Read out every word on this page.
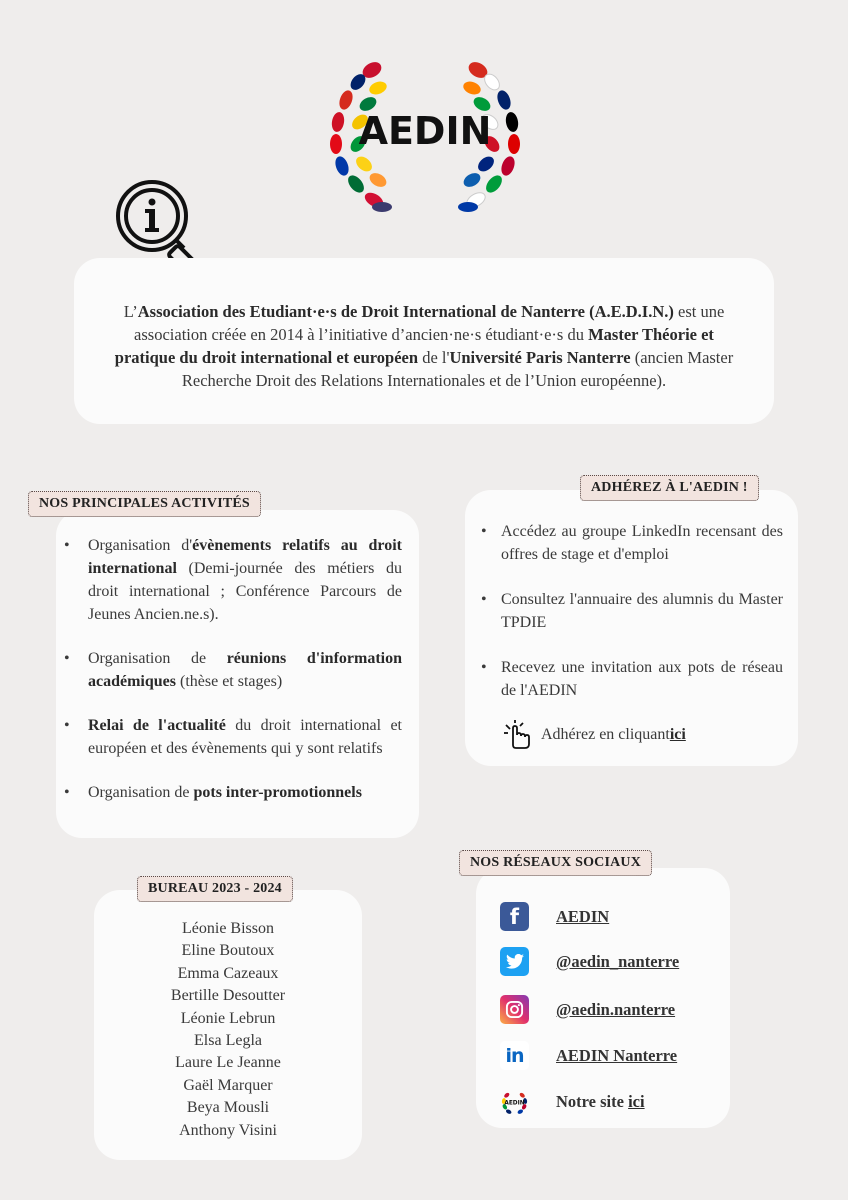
AEDIN

L’Association des Etudiant·e·s de Droit International de Nanterre (A.E.D.I.N.) est une association créée en 2014 à l’initiative d’ancien·ne·s étudiant·e·s du Master Théorie et pratique du droit international et européen de l'Université Paris Nanterre (ancien Master Recherche Droit des Relations Internationales et de l’Union européenne).

• Organisation d'évènements relatifs au droit international (Demi-journée des métiers du droit international ; Conférence Parcours de Jeunes Ancien.ne.s).
• Organisation de réunions d'information académiques (thèse et stages)
• Relai de l'actualité du droit international et européen et des évènements qui y sont relatifs
• Organisation de pots inter-promotionnels
NOS PRINCIPALES ACTIVITÉS
• Accédez au groupe LinkedIn recensant des offres de stage et d'emploi
• Consultez l'annuaire des alumnis du Master TPDIE
• Recevez une invitation aux pots de réseau de l'AEDIN
Adhérez en cliquant ici
ADHÉREZ À L'AEDIN !
Léonie Bisson
Eline Boutoux
Emma Cazeaux
Bertille Desoutter
Léonie Lebrun
Elsa Legla
Laure Le Jeanne
Gaël Marquer
Beya Mousli
Anthony Visini
BUREAU 2023 - 2024
f AEDIN
@aedin_nanterre
@aedin.nanterre
in AEDIN Nanterre
AEDIN Notre site ici
NOS RÉSEAUX SOCIAUX
